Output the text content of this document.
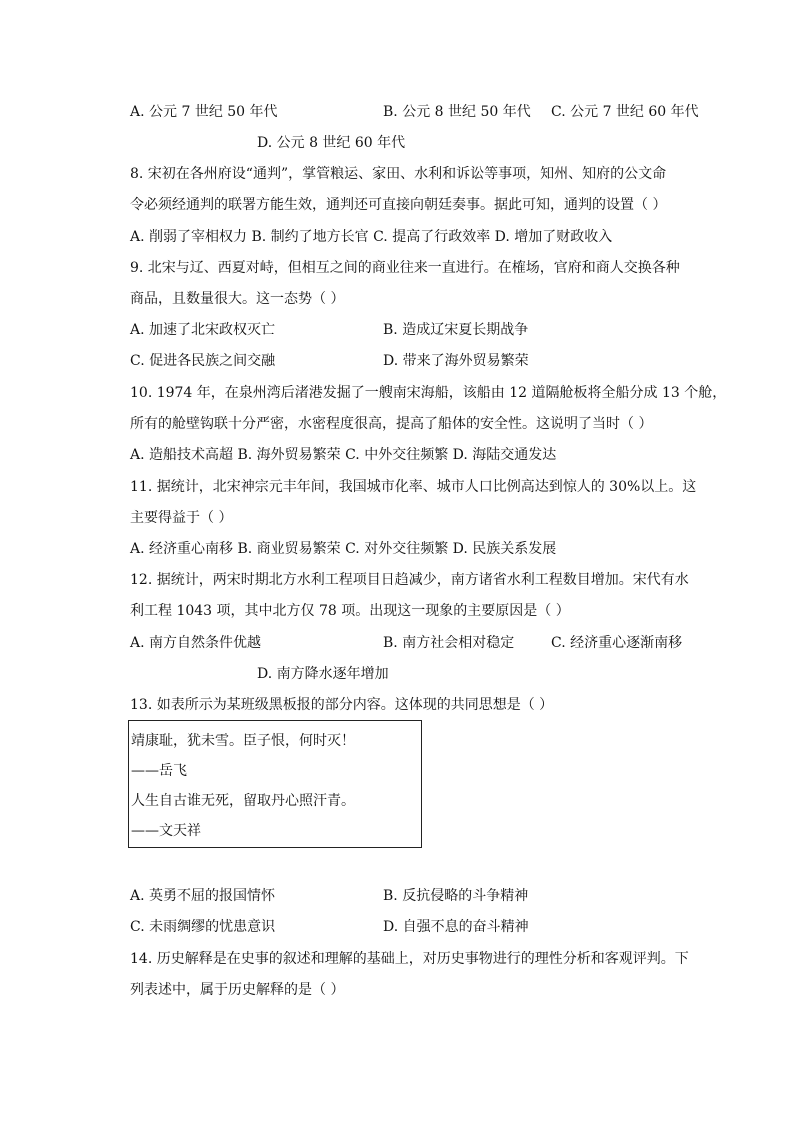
A. 公元 7 世纪 50 年代	B. 公元 8 世纪 50 年代 C. 公元 7 世纪 60 年代
D. 公元 8 世纪 60 年代
8. 宋初在各州府设“通判”，掌管粮运、家田、水利和诉讼等事项，知州、知府的公文命
令必须经通判的联署方能生效，通判还可直接向朝廷奏事。据此可知，通判的设置（ ）
A. 削弱了宰相权力 B. 制约了地方长官 C. 提高了行政效率 D. 增加了财政收入
9. 北宋与辽、西夏对峙，但相互之间的商业往来一直进行。在榷场，官府和商人交换各种
商品，且数量很大。这一态势（ ）
A. 加速了北宋政权灭亡	B. 造成辽宋夏长期战争
C. 促进各民族之间交融	D. 带来了海外贸易繁荣
10. 1974 年，在泉州湾后渚港发掘了一艘南宋海船，该船由 12 道隔舱板将全船分成 13 个舱，
所有的舱壁钩联十分严密，水密程度很高，提高了船体的安全性。这说明了当时（ ）
A. 造船技术高超 B. 海外贸易繁荣 C. 中外交往频繁 D. 海陆交通发达
11. 据统计，北宋神宗元丰年间，我国城市化率、城市人口比例高达到惊人的 30%以上。这
主要得益于（ ）
A. 经济重心南移 B. 商业贸易繁荣 C. 对外交往频繁 D. 民族关系发展
12. 据统计，两宋时期北方水利工程项目日趋减少，南方诸省水利工程数目增加。宋代有水
利工程 1043 项，其中北方仅 78 项。出现这一现象的主要原因是（ ）
A. 南方自然条件优越	B. 南方社会相对稳定	C. 经济重心逐渐南移
D. 南方降水逐年增加
13. 如表所示为某班级黑板报的部分内容。这体现的共同思想是（ ）
靖康耻，犹未雪。臣子恨，何时灭！
——岳飞
人生自古谁无死，留取丹心照汗青。
——文天祥
A. 英勇不屈的报国情怀	B. 反抗侵略的斗争精神
C. 未雨绸缪的忧患意识	D. 自强不息的奋斗精神
14. 历史解释是在史事的叙述和理解的基础上，对历史事物进行的理性分析和客观评判。下
列表述中，属于历史解释的是（ ）
